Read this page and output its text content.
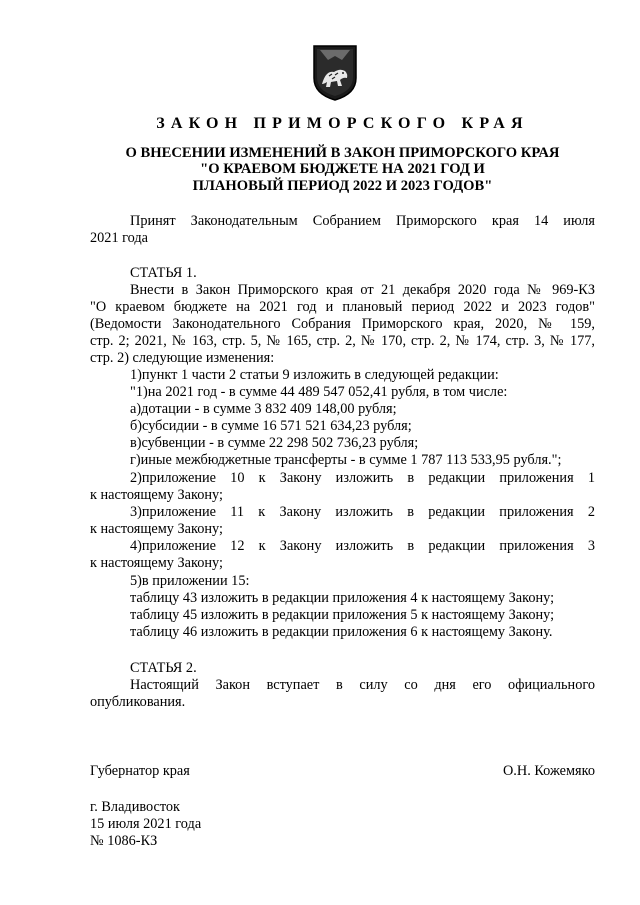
ЗАКОН ПРИМОРСКОГО КРАЯ
О ВНЕСЕНИИ ИЗМЕНЕНИЙ В ЗАКОН ПРИМОРСКОГО КРАЯ
"О КРАЕВОМ БЮДЖЕТЕ НА 2021 ГОД И
ПЛАНОВЫЙ ПЕРИОД 2022 И 2023 ГОДОВ"
Принят Законодательным Собранием Приморского края 14 июля
2021 года
СТАТЬЯ 1.
Внести в Закон Приморского края от 21 декабря 2020 года № 969-КЗ
"О краевом бюджете на 2021 год и плановый период 2022 и 2023 годов"
(Ведомости Законодательного Собрания Приморского края, 2020, № 159,
стр. 2; 2021, № 163, стр. 5, № 165, стр. 2, № 170, стр. 2, № 174, стр. 3, № 177,
стр. 2) следующие изменения:
1)пункт 1 части 2 статьи 9 изложить в следующей редакции:
"1)на 2021 год - в сумме 44 489 547 052,41 рубля, в том числе:
а)дотации - в сумме 3 832 409 148,00 рубля;
б)субсидии - в сумме 16 571 521 634,23 рубля;
в)субвенции - в сумме 22 298 502 736,23 рубля;
г)иные межбюджетные трансферты - в сумме 1 787 113 533,95 рубля.";
2)приложение 10 к Закону изложить в редакции приложения 1
к настоящему Закону;
3)приложение 11 к Закону изложить в редакции приложения 2
к настоящему Закону;
4)приложение 12 к Закону изложить в редакции приложения 3
к настоящему Закону;
5)в приложении 15:
таблицу 43 изложить в редакции приложения 4 к настоящему Закону;
таблицу 45 изложить в редакции приложения 5 к настоящему Закону;
таблицу 46 изложить в редакции приложения 6 к настоящему Закону.
СТАТЬЯ 2.
Настоящий Закон вступает в силу со дня его официального
опубликования.
Губернатор края	О.Н. Кожемяко
г. Владивосток
15 июля 2021 года
№ 1086-КЗ
